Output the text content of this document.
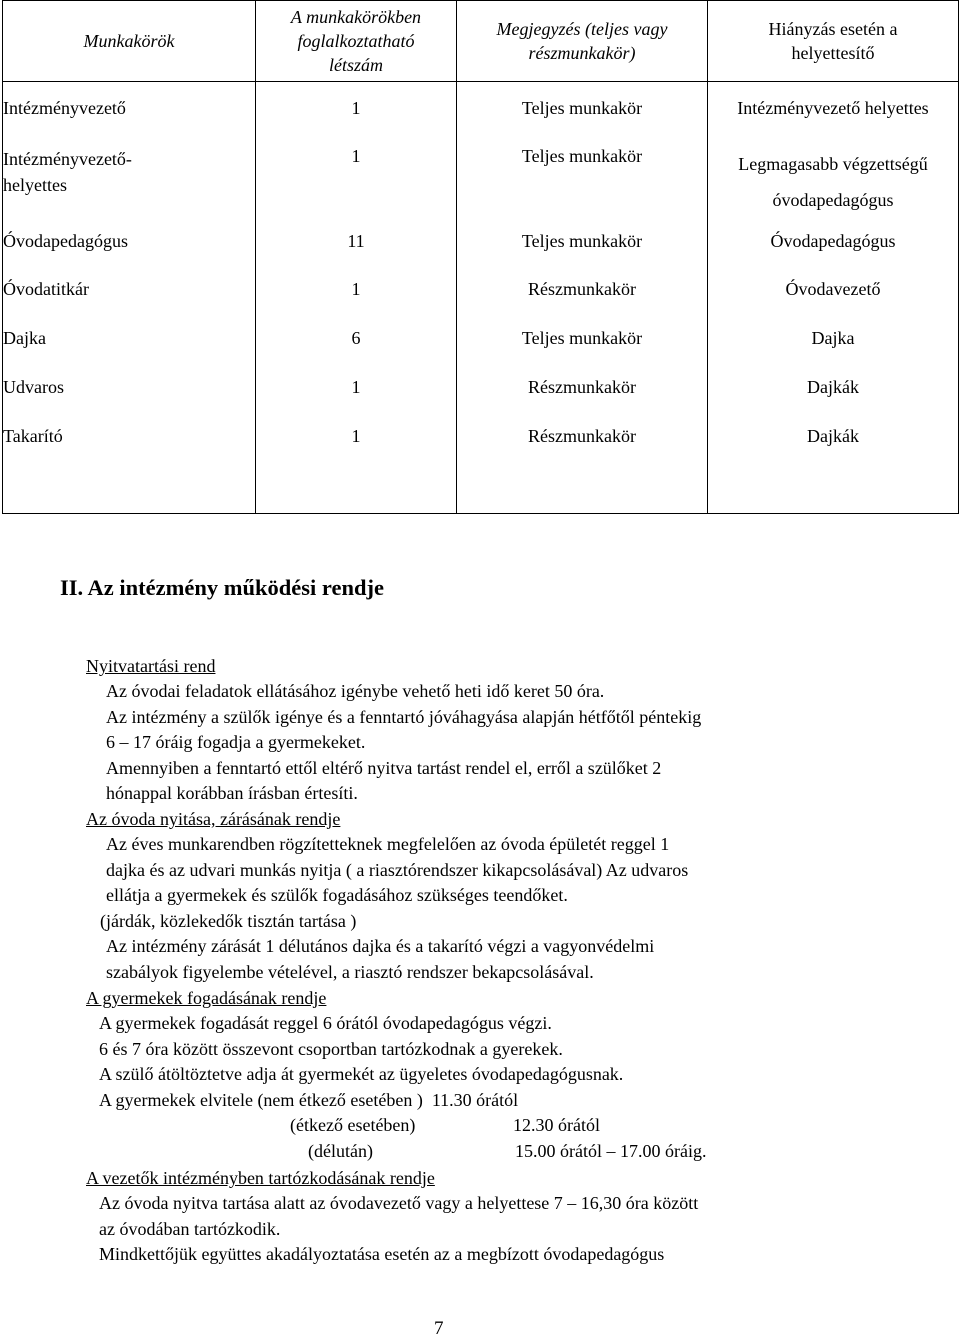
Munkakörök	A munkakörökben foglalkoztatható létszám	Megjegyzés (teljes vagy részmunkakör)	Hiányzás esetén a helyettesítő
Intézményvezető	1	Teljes munkakör	Intézményvezető helyettes
Intézményvezető-helyettes	1	Teljes munkakör	Legmagasabb végzettségű óvodapedagógus
Óvodapedagógus	11	Teljes munkakör	Óvodapedagógus
Óvodatitkár	1	Részmunkakör	Óvodavezető
Dajka	6	Teljes munkakör	Dajka
Udvaros	1	Részmunkakör	Dajkák
Takarító	1	Részmunkakör	Dajkák

II. Az intézmény működési rendje
Nyitvatartási rend
Az óvodai feladatok ellátásához igénybe vehető heti idő keret 50 óra.
Az intézmény a szülők igénye és a fenntartó jóváhagyása alapján hétfőtől péntekig
6 – 17 óráig fogadja a gyermekeket.
Amennyiben a fenntartó ettől eltérő nyitva tartást rendel el, erről a szülőket 2
hónappal korábban írásban értesíti.
Az óvoda nyitása, zárásának rendje
Az éves munkarendben rögzítetteknek megfelelően az óvoda épületét reggel 1
dajka és az udvari munkás nyitja ( a riasztórendszer kikapcsolásával) Az udvaros
ellátja a gyermekek és szülők fogadásához szükséges teendőket.
(járdák, közlekedők tisztán tartása )
Az intézmény zárását 1 délutános dajka és a takarító végzi a vagyonvédelmi
szabályok figyelembe vételével, a riasztó rendszer bekapcsolásával.
A gyermekek fogadásának rendje
A gyermekek fogadását reggel 6 órától óvodapedagógus végzi.
6 és 7 óra között összevont csoportban tartózkodnak a gyerekek.
A szülő átöltöztetve adja át gyermekét az ügyeletes óvodapedagógusnak.
A gyermekek elvitele (nem étkező esetében )  11.30 órától
(étkező esetében)	12.30 órától
(délután)	15.00 órától – 17.00 óráig.
A vezetők intézményben tartózkodásának rendje
Az óvoda nyitva tartása alatt az óvodavezető vagy a helyettese 7 – 16,30 óra között
az óvodában tartózkodik.
Mindkettőjük együttes akadályoztatása esetén az a megbízott óvodapedagógus
7
